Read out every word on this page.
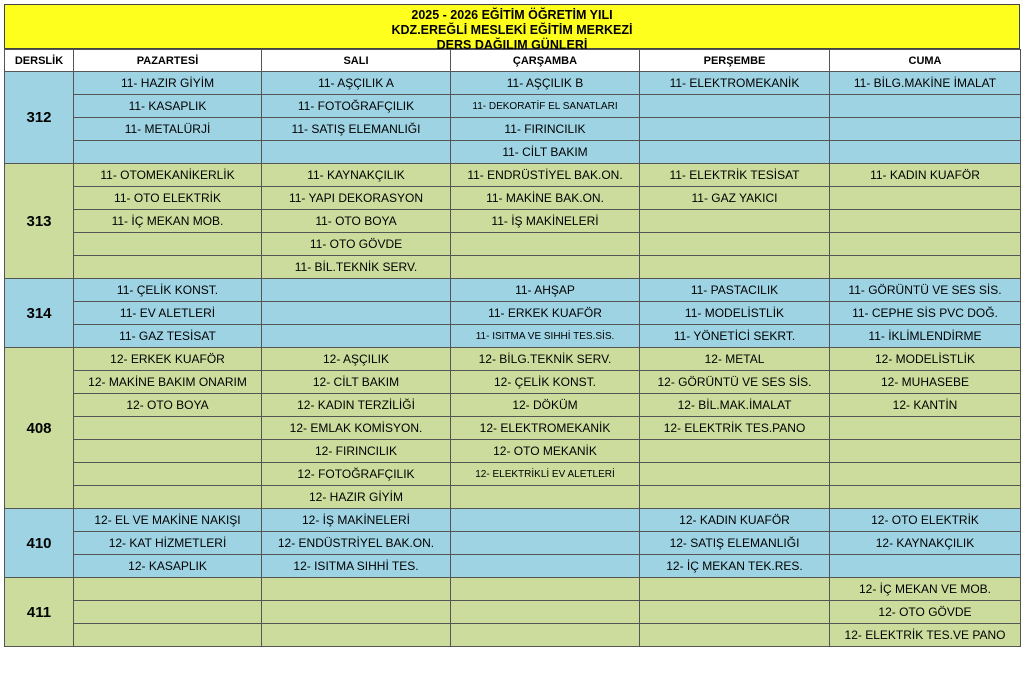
2025 - 2026 EĞİTİM ÖĞRETİM YILI
KDZ.EREĞLİ MESLEKİ EĞİTİM MERKEZİ
DERS DAĞILIM GÜNLERİ
DERSLİK	PAZARTESİ	SALI	ÇARŞAMBA	PERŞEMBE	CUMA
312	11- HAZIR GİYİM	11- AŞÇILIK A	11- AŞÇILIK B	11- ELEKTROMEKANİK	11- BİLG.MAKİNE İMALAT
	11- KASAPLIK	11- FOTOĞRAFÇILIK	11- DEKORATİF EL SANATLARI		
	11- METALÜRJİ	11- SATIŞ ELEMANLIĞI	11- FIRINCILIK		
			11- CİLT BAKIM		
313	11- OTOMEKANİKERLİK	11- KAYNAKÇILIK	11- ENDRÜSTİYEL BAK.ON.	11- ELEKTRİK TESİSAT	11- KADIN KUAFÖR
	11- OTO ELEKTRİK	11- YAPI DEKORASYON	11- MAKİNE BAK.ON.	11- GAZ YAKICI	
	11- İÇ MEKAN MOB.	11- OTO BOYA	11- İŞ MAKİNELERİ		
		11- OTO GÖVDE			
		11- BİL.TEKNİK SERV.			
314	11- ÇELİK KONST.		11- AHŞAP	11- PASTACILIK	11- GÖRÜNTÜ VE SES SİS.
	11- EV ALETLERİ		11- ERKEK KUAFÖR	11- MODELİSTLİK	11- CEPHE SİS PVC DOĞ.
	11- GAZ TESİSAT		11- ISITMA VE SIHHİ TES.SİS.	11- YÖNETİCİ SEKRT.	11- İKLİMLENDİRME
408	12- ERKEK KUAFÖR	12- AŞÇILIK	12- BİLG.TEKNİK SERV.	12- METAL	12- MODELİSTLİK
	12- MAKİNE BAKIM ONARIM	12- CİLT BAKIM	12- ÇELİK KONST.	12- GÖRÜNTÜ VE SES SİS.	12- MUHASEBE
	12- OTO BOYA	12- KADIN TERZİLİĞİ	12- DÖKÜM	12- BİL.MAK.İMALAT	12- KANTİN
		12- EMLAK KOMİSYON.	12- ELEKTROMEKANİK	12- ELEKTRİK TES.PANO	
		12- FIRINCILIK	12- OTO MEKANİK		
		12- FOTOĞRAFÇILIK	12- ELEKTRİKLİ EV ALETLERİ		
		12- HAZIR GİYİM			
410	12- EL VE MAKİNE NAKIŞI	12- İŞ MAKİNELERİ		12- KADIN KUAFÖR	12- OTO ELEKTRİK
	12- KAT HİZMETLERİ	12- ENDÜSTRİYEL BAK.ON.		12- SATIŞ ELEMANLIĞI	12- KAYNAKÇILIK
	12- KASAPLIK	12- ISITMA SIHHİ TES.		12- İÇ MEKAN TEK.RES.	
411					12- İÇ MEKAN VE MOB.
					12- OTO GÖVDE
					12- ELEKTRİK TES.VE PANO
